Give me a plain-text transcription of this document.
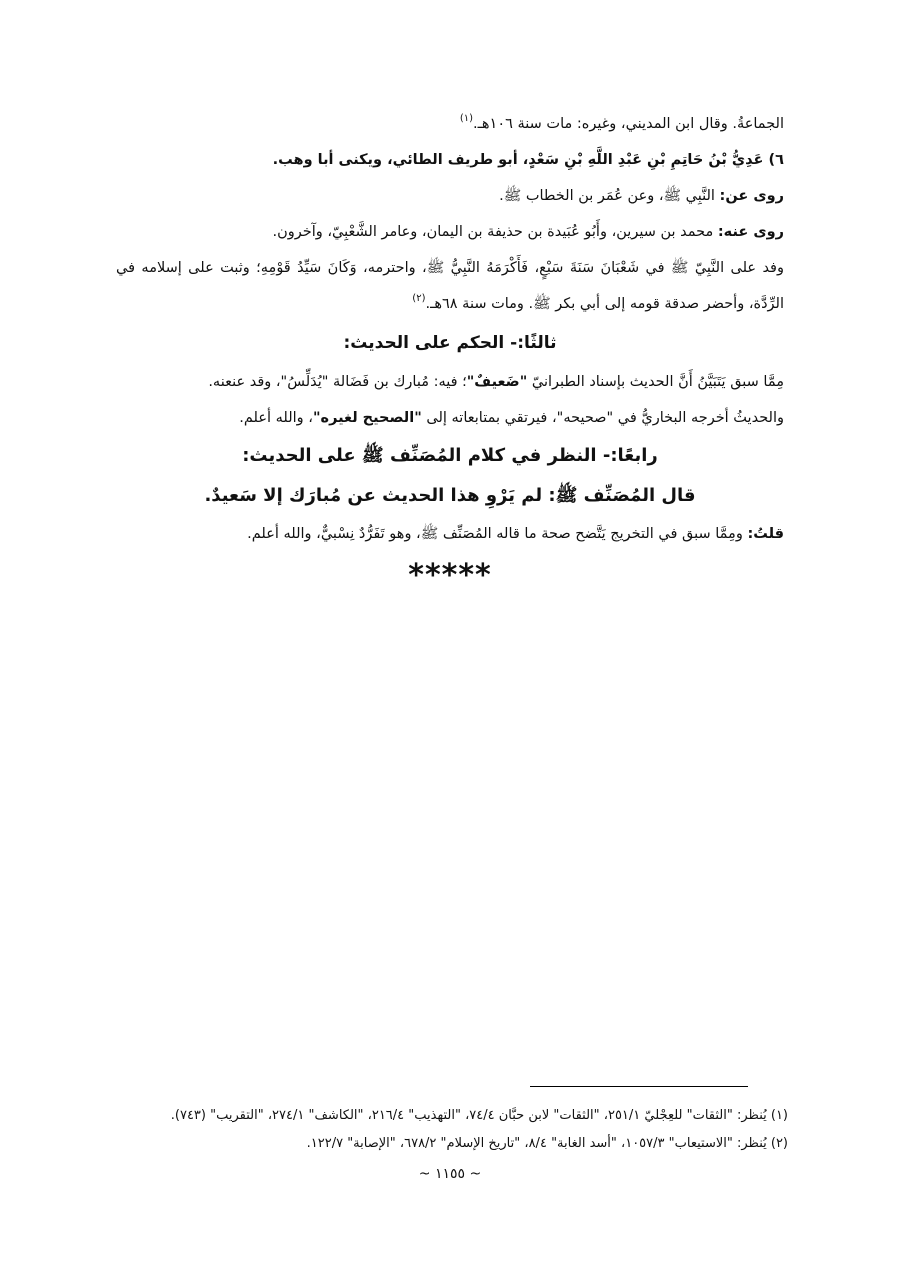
الجماعةُ. وقال ابن المديني، وغيره: مات سنة ١٠٦هـ.$^{(١)}$

٦) عَدِيُّ بْنُ حَاتِمِ بْنِ عَبْدِ اللَّهِ بْنِ سَعْدٍ، أبو طريف الطائي، ويكنى أبا وهب.

روى عن: النَّبِي ﷺ، وعن عُمَر بن الخطاب ﷺ.

روى عنه: محمد بن سيرين، وأَبُو عُبَيدة بن حذيفة بن اليمان، وعامر الشَّعْبِيّ، وآخرون.

وفد على النَّبِيّ ﷺ في شَعْبَانَ سَنَةَ سَبْعٍ، فَأَكْرَمَهُ النَّبِيُّ ﷺ، واحترمه، وَكَانَ سَيِّدُ قَوْمِهِ؛ وثبت على إسلامه في الرِّدَّة، وأحضر صدقة قومه إلى أبي بكر ﷺ. ومات سنة ٦٨هـ.$^{(٢)}$

ثالثًا:- الحكم على الحديث:

مِمَّا سبق يَتَبَيَّنُ أَنَّ الحديث بإسناد الطبرانيّ "ضَعيفٌ"؛ فيه: مُبارك بن فَضَالة "يُدَلِّسُ"، وقد عنعنه.

والحديثُ أخرجه البخاريُّ في "صحيحه"، فيرتقي بمتابعاته إلى "الصحيح لغيره"، والله أعلم.

رابعًا:- النظر في كلام المُصَنِّف ﷺ على الحديث:

قال المُصَنِّف ﷺ: لم يَرْوِ هذا الحديث عن مُبارَك إلا سَعيدٌ.

قلتُ: ومِمَّا سبق في التخريج يَتَّضح صحة ما قاله المُصَنِّف ﷺ، وهو تَفَرُّدٌ نِسْبيٌّ، والله أعلم.

*****

(١) يُنظر: "الثقات" للعِجْليّ ٢٥١/١، "الثقات" لابن حبَّان ٧٤/٤، "التهذيب" ٢١٦/٤، "الكاشف" ٢٧٤/١، "التقريب" (٧٤٣).

(٢) يُنظر: "الاستيعاب" ١٠٥٧/٣، "أسد الغابة" ٨/٤، "تاريخ الإسلام" ٦٧٨/٢، "الإصابة" ١٢٢/٧.

~ ١١٥٥ ~
